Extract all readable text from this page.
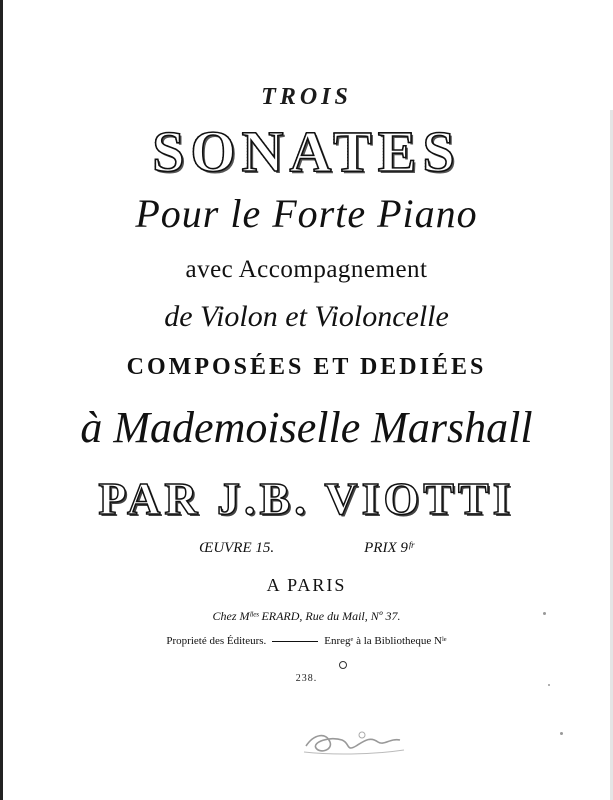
TROIS
SONATES
Pour le Forte Piano
avec Accompagnement
de Violon et Violoncelle
COMPOSÉES ET DEDIÉES
à Mademoiselle Marshall
PAR J.B. VIOTTI
ŒUVRE 15.	PRIX 9ᶠʳ
A PARIS
Chez Mˡˡᵉˢ ERARD, Rue du Mail, Nº 37.
Proprieté des Éditeurs.	Enregᵉ à la Bibliotheque Nˡᵉ
238.
